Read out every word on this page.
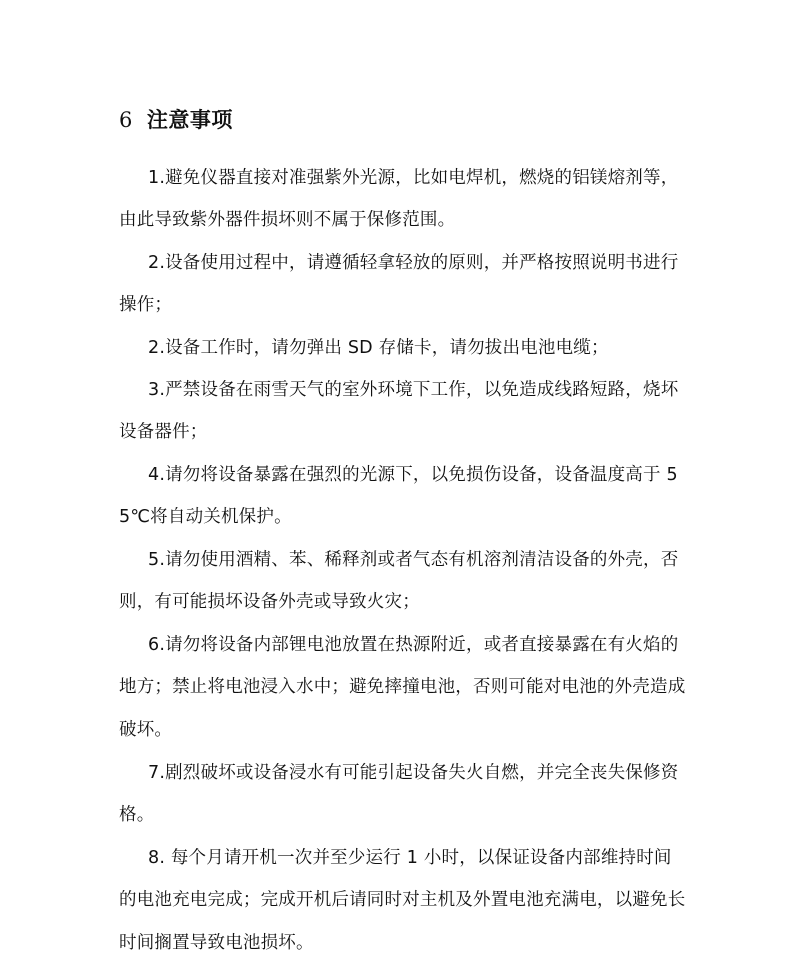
6 注意事项

1.避免仪器直接对准强紫外光源，比如电焊机，燃烧的铝镁熔剂等，由此导致紫外器件损坏则不属于保修范围。

2.设备使用过程中，请遵循轻拿轻放的原则，并严格按照说明书进行操作；

2.设备工作时，请勿弹出 SD 存储卡，请勿拔出电池电缆；

3.严禁设备在雨雪天气的室外环境下工作，以免造成线路短路，烧坏设备器件；

4.请勿将设备暴露在强烈的光源下，以免损伤设备，设备温度高于 55℃将自动关机保护。

5.请勿使用酒精、苯、稀释剂或者气态有机溶剂清洁设备的外壳，否则，有可能损坏设备外壳或导致火灾；

6.请勿将设备内部锂电池放置在热源附近，或者直接暴露在有火焰的地方；禁止将电池浸入水中；避免摔撞电池，否则可能对电池的外壳造成破坏。

7.剧烈破坏或设备浸水有可能引起设备失火自燃，并完全丧失保修资格。

8. 每个月请开机一次并至少运行 1 小时，以保证设备内部维持时间的电池充电完成；完成开机后请同时对主机及外置电池充满电，以避免长时间搁置导致电池损坏。
